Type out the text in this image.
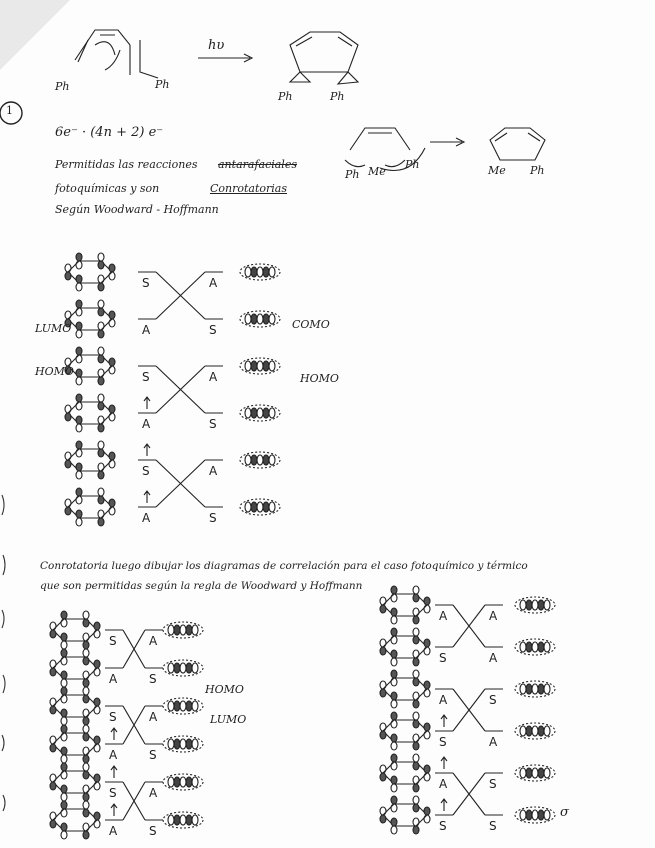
Ph	Ph
hυ
Ph	Ph
1
6e⁻ · (4n + 2) e⁻
Permitidas las reacciones antarafaciales
fotoquímicas y son	Conrotatorias
Según Woodward - Hoffmann
Ph Me
Ph	Me Ph
S	A
A	S
S	A
A	S
S	A
A	S
LUMO
HOMO
COMO
HOMO
Conrotatoria luego dibujar los diagramas de correlación para el caso fotoquímico y térmico
que son permitidas según la regla de Woodward y Hoffmann
S	A
A	S
S	A
A	S
S	A
A	S
HOMO
LUMO
A	A
S	A
A	S
S	A
A	S
S	S
σ
